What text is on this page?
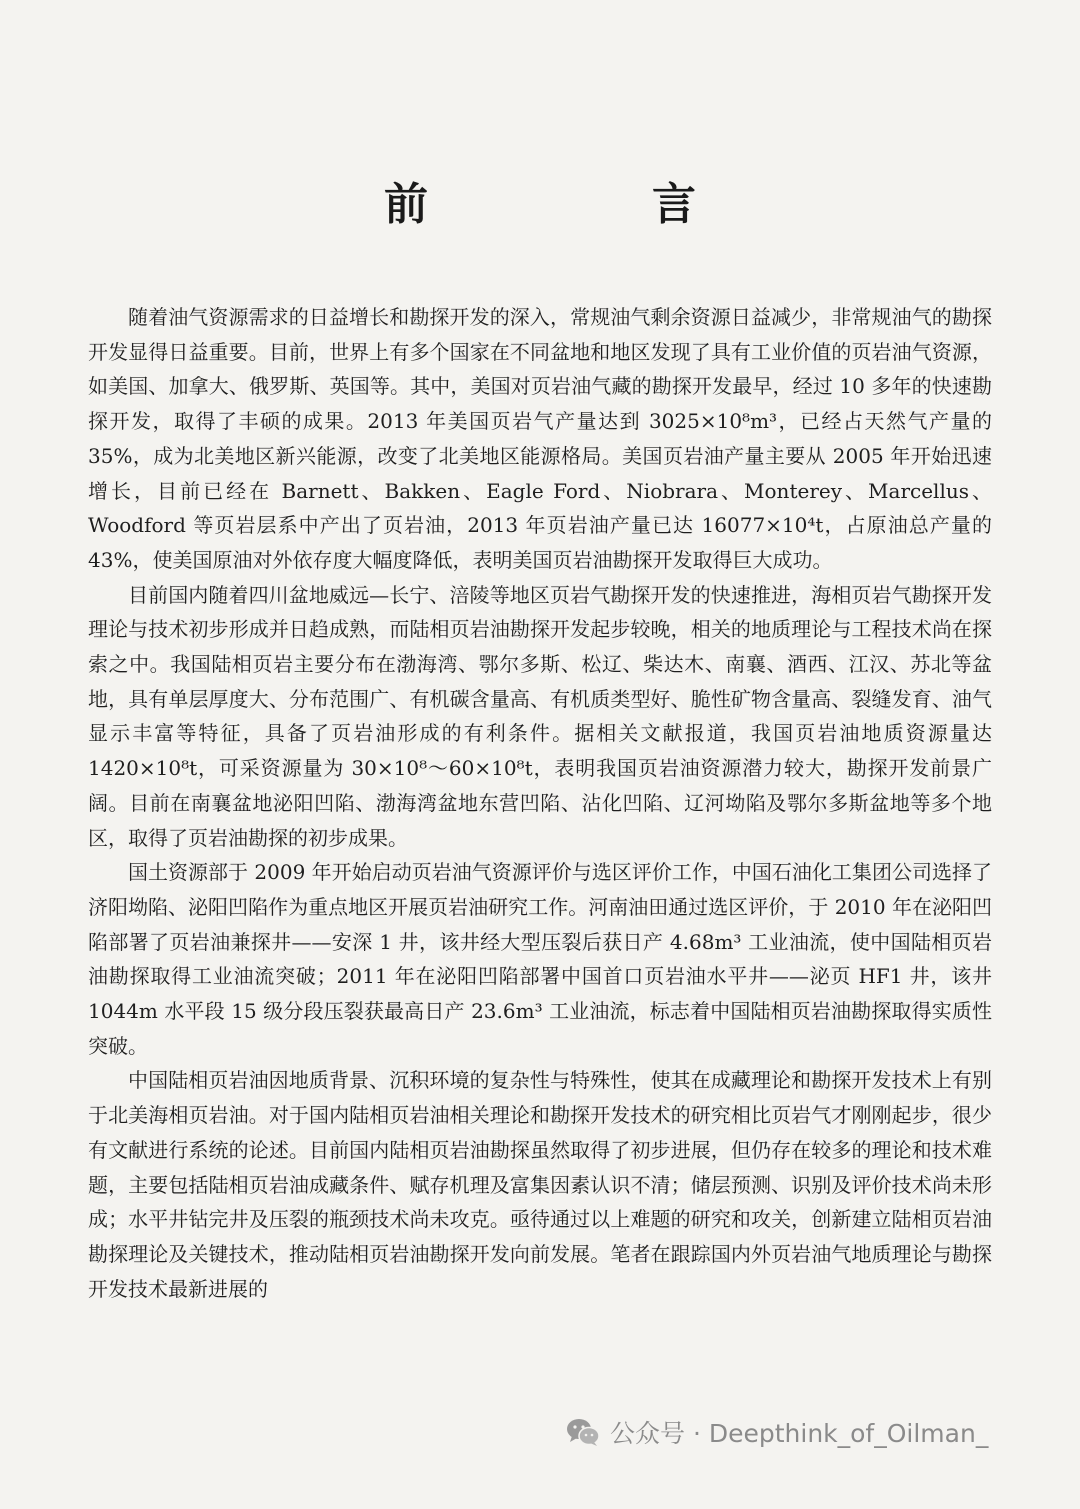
前　言

随着油气资源需求的日益增长和勘探开发的深入，常规油气剩余资源日益减少，非常规油气的勘探开发显得日益重要。目前，世界上有多个国家在不同盆地和地区发现了具有工业价值的页岩油气资源，如美国、加拿大、俄罗斯、英国等。其中，美国对页岩油气藏的勘探开发最早，经过 10 多年的快速勘探开发，取得了丰硕的成果。2013 年美国页岩气产量达到 3025×10⁸m³，已经占天然气产量的 35%，成为北美地区新兴能源，改变了北美地区能源格局。美国页岩油产量主要从 2005 年开始迅速增长，目前已经在 Barnett、Bakken、Eagle Ford、Niobrara、Monterey、Marcellus、Woodford 等页岩层系中产出了页岩油，2013 年页岩油产量已达 16077×10⁴t，占原油总产量的 43%，使美国原油对外依存度大幅度降低，表明美国页岩油勘探开发取得巨大成功。

目前国内随着四川盆地威远—长宁、涪陵等地区页岩气勘探开发的快速推进，海相页岩气勘探开发理论与技术初步形成并日趋成熟，而陆相页岩油勘探开发起步较晚，相关的地质理论与工程技术尚在探索之中。我国陆相页岩主要分布在渤海湾、鄂尔多斯、松辽、柴达木、南襄、酒西、江汉、苏北等盆地，具有单层厚度大、分布范围广、有机碳含量高、有机质类型好、脆性矿物含量高、裂缝发育、油气显示丰富等特征，具备了页岩油形成的有利条件。据相关文献报道，我国页岩油地质资源量达 1420×10⁸t，可采资源量为 30×10⁸～60×10⁸t，表明我国页岩油资源潜力较大，勘探开发前景广阔。目前在南襄盆地泌阳凹陷、渤海湾盆地东营凹陷、沾化凹陷、辽河坳陷及鄂尔多斯盆地等多个地区，取得了页岩油勘探的初步成果。

国土资源部于 2009 年开始启动页岩油气资源评价与选区评价工作，中国石油化工集团公司选择了济阳坳陷、泌阳凹陷作为重点地区开展页岩油研究工作。河南油田通过选区评价，于 2010 年在泌阳凹陷部署了页岩油兼探井——安深 1 井，该井经大型压裂后获日产 4.68m³ 工业油流，使中国陆相页岩油勘探取得工业油流突破；2011 年在泌阳凹陷部署中国首口页岩油水平井——泌页 HF1 井，该井 1044m 水平段 15 级分段压裂获最高日产 23.6m³ 工业油流，标志着中国陆相页岩油勘探取得实质性突破。

中国陆相页岩油因地质背景、沉积环境的复杂性与特殊性，使其在成藏理论和勘探开发技术上有别于北美海相页岩油。对于国内陆相页岩油相关理论和勘探开发技术的研究相比页岩气才刚刚起步，很少有文献进行系统的论述。目前国内陆相页岩油勘探虽然取得了初步进展，但仍存在较多的理论和技术难题，主要包括陆相页岩油成藏条件、赋存机理及富集因素认识不清；储层预测、识别及评价技术尚未形成；水平井钻完井及压裂的瓶颈技术尚未攻克。亟待通过以上难题的研究和攻关，创新建立陆相页岩油勘探理论及关键技术，推动陆相页岩油勘探开发向前发展。笔者在跟踪国内外页岩油气地质理论与勘探开发技术最新进展的

公众号 · Deepthink_of_Oilman_
